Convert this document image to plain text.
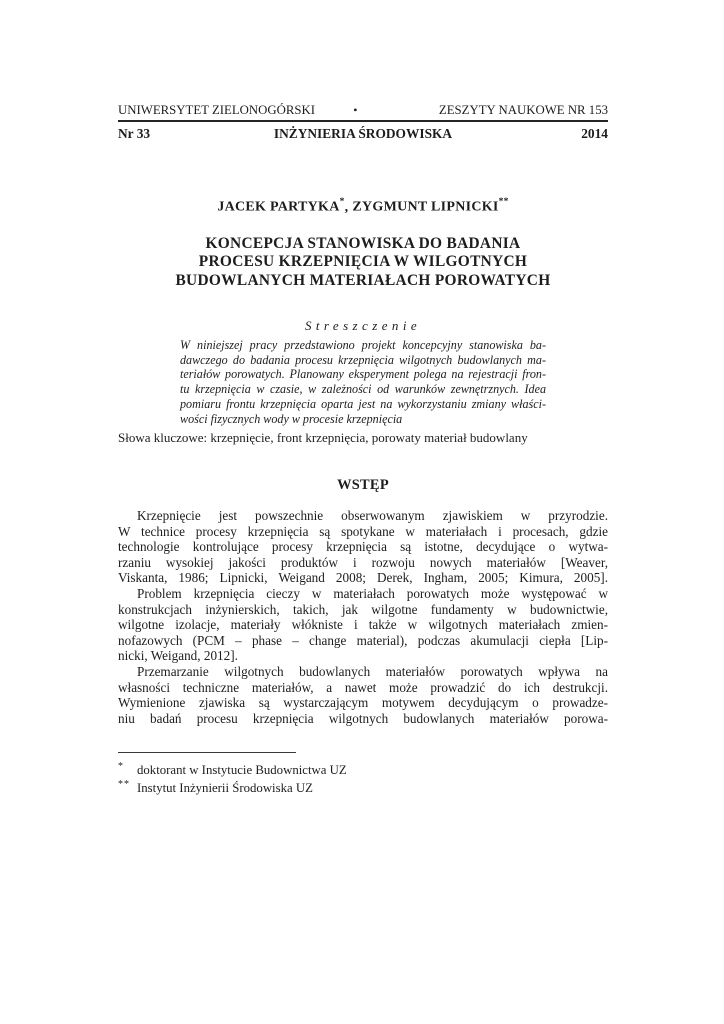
UNIWERSYTET ZIELONOGÓRSKI	•	ZESZYTY NAUKOWE NR 153
Nr 33	INŻYNIERIA ŚRODOWISKA	2014
JACEK PARTYKA*, ZYGMUNT LIPNICKI**
KONCEPCJA STANOWISKA DO BADANIA
PROCESU KRZEPNIĘCIA W WILGOTNYCH
BUDOWLANYCH MATERIAŁACH POROWATYCH
Streszczenie
W niniejszej pracy przedstawiono projekt koncepcyjny stanowiska ba-
dawczego do badania procesu krzepnięcia wilgotnych budowlanych ma-
teriałów porowatych. Planowany eksperyment polega na rejestracji fron-
tu krzepnięcia w czasie, w zależności od warunków zewnętrznych. Idea
pomiaru frontu krzepnięcia oparta jest na wykorzystaniu zmiany właści-
wości fizycznych wody w procesie krzepnięcia
Słowa kluczowe: krzepnięcie, front krzepnięcia, porowaty materiał budowlany
WSTĘP
Krzepnięcie jest powszechnie obserwowanym zjawiskiem w przyrodzie.
W technice procesy krzepnięcia są spotykane w materiałach i procesach, gdzie
technologie kontrolujące procesy krzepnięcia są istotne, decydujące o wytwa-
rzaniu wysokiej jakości produktów i rozwoju nowych materiałów [Weaver,
Viskanta, 1986; Lipnicki, Weigand 2008; Derek, Ingham, 2005; Kimura, 2005].
Problem krzepnięcia cieczy w materiałach porowatych może występować w
konstrukcjach inżynierskich, takich, jak wilgotne fundamenty w budownictwie,
wilgotne izolacje, materiały włókniste i także w wilgotnych materiałach zmien-
nofazowych (PCM – phase – change material), podczas akumulacji ciepła [Lip-
nicki, Weigand, 2012].
Przemarzanie wilgotnych budowlanych materiałów porowatych wpływa na
własności techniczne materiałów, a nawet może prowadzić do ich destrukcji.
Wymienione zjawiska są wystarczającym motywem decydującym o prowadze-
niu badań procesu krzepnięcia wilgotnych budowlanych materiałów porowa-
*	doktorant w Instytucie Budownictwa UZ
** Instytut Inżynierii Środowiska UZ
